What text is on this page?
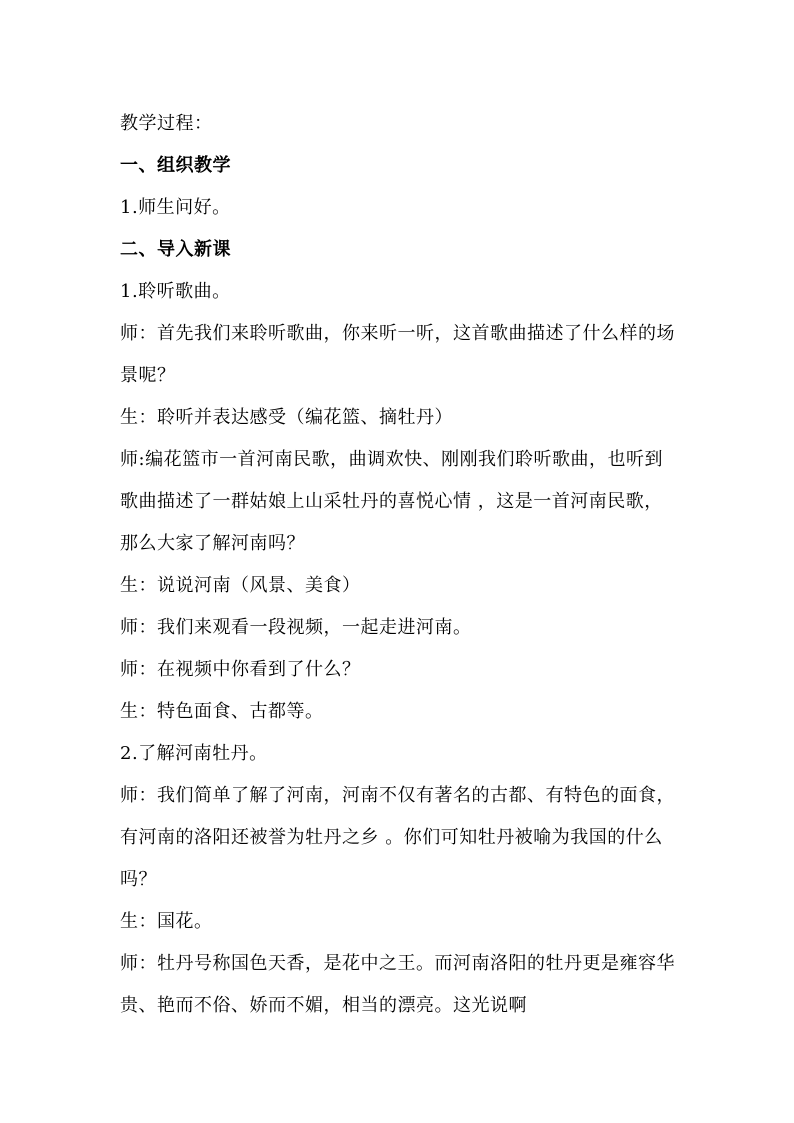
教学过程：

一、组织教学

1.师生问好。

二、导入新课

1.聆听歌曲。

师：首先我们来聆听歌曲，你来听一听，这首歌曲描述了什么样的场景呢？

生：聆听并表达感受（编花篮、摘牡丹）

师:编花篮市一首河南民歌，曲调欢快、刚刚我们聆听歌曲，也听到歌曲描述了一群姑娘上山采牡丹的喜悦心情 ，这是一首河南民歌，那么大家了解河南吗？

生：说说河南（风景、美食）

师：我们来观看一段视频，一起走进河南。

师：在视频中你看到了什么？

生：特色面食、古都等。

2.了解河南牡丹。

师：我们简单了解了河南，河南不仅有著名的古都、有特色的面食，有河南的洛阳还被誉为牡丹之乡 。你们可知牡丹被喻为我国的什么吗？

生：国花。

师：牡丹号称国色天香，是花中之王。而河南洛阳的牡丹更是雍容华贵、艳而不俗、娇而不媚，相当的漂亮。这光说啊
